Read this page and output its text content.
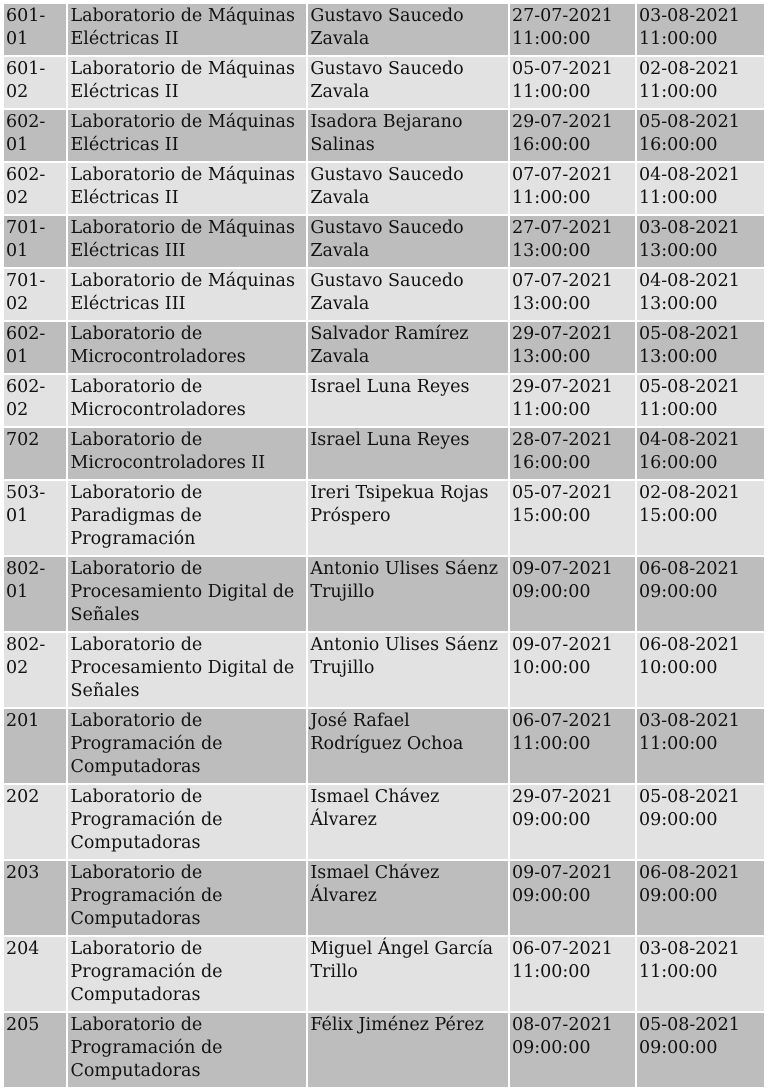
601-01	Laboratorio de Máquinas Eléctricas II	Gustavo Saucedo Zavala	27-07-2021 11:00:00	03-08-2021 11:00:00
601-02	Laboratorio de Máquinas Eléctricas II	Gustavo Saucedo Zavala	05-07-2021 11:00:00	02-08-2021 11:00:00
602-01	Laboratorio de Máquinas Eléctricas II	Isadora Bejarano Salinas	29-07-2021 16:00:00	05-08-2021 16:00:00
602-02	Laboratorio de Máquinas Eléctricas II	Gustavo Saucedo Zavala	07-07-2021 11:00:00	04-08-2021 11:00:00
701-01	Laboratorio de Máquinas Eléctricas III	Gustavo Saucedo Zavala	27-07-2021 13:00:00	03-08-2021 13:00:00
701-02	Laboratorio de Máquinas Eléctricas III	Gustavo Saucedo Zavala	07-07-2021 13:00:00	04-08-2021 13:00:00
602-01	Laboratorio de Microcontroladores	Salvador Ramírez Zavala	29-07-2021 13:00:00	05-08-2021 13:00:00
602-02	Laboratorio de Microcontroladores	Israel Luna Reyes	29-07-2021 11:00:00	05-08-2021 11:00:00
702	Laboratorio de Microcontroladores II	Israel Luna Reyes	28-07-2021 16:00:00	04-08-2021 16:00:00
503-01	Laboratorio de Paradigmas de Programación	Ireri Tsipekua Rojas Próspero	05-07-2021 15:00:00	02-08-2021 15:00:00
802-01	Laboratorio de Procesamiento Digital de Señales	Antonio Ulises Sáenz Trujillo	09-07-2021 09:00:00	06-08-2021 09:00:00
802-02	Laboratorio de Procesamiento Digital de Señales	Antonio Ulises Sáenz Trujillo	09-07-2021 10:00:00	06-08-2021 10:00:00
201	Laboratorio de Programación de Computadoras	José Rafael Rodríguez Ochoa	06-07-2021 11:00:00	03-08-2021 11:00:00
202	Laboratorio de Programación de Computadoras	Ismael Chávez Álvarez	29-07-2021 09:00:00	05-08-2021 09:00:00
203	Laboratorio de Programación de Computadoras	Ismael Chávez Álvarez	09-07-2021 09:00:00	06-08-2021 09:00:00
204	Laboratorio de Programación de Computadoras	Miguel Ángel García Trillo	06-07-2021 11:00:00	03-08-2021 11:00:00
205	Laboratorio de Programación de Computadoras	Félix Jiménez Pérez	08-07-2021 09:00:00	05-08-2021 09:00:00
